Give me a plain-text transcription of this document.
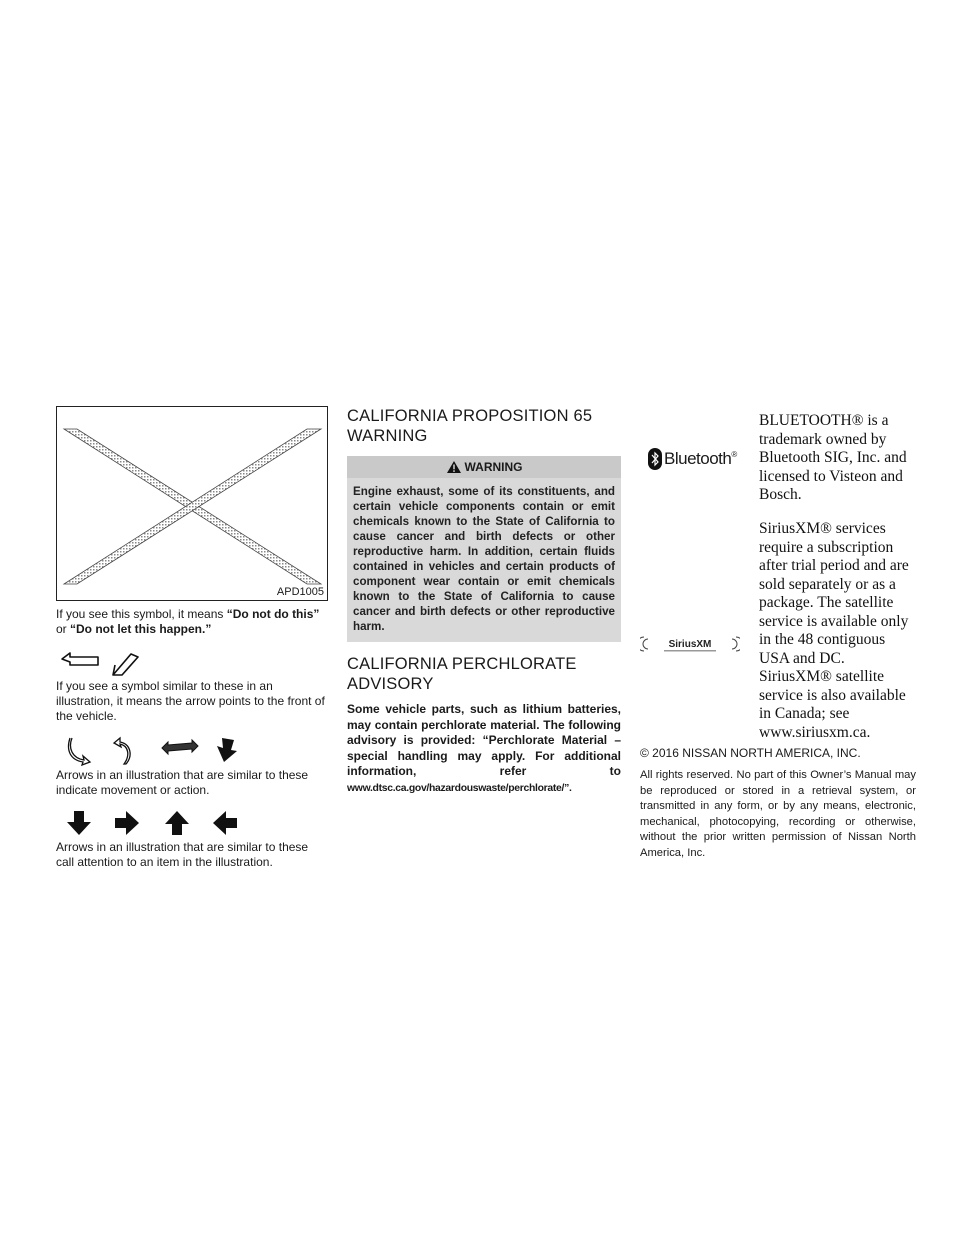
APD1005

If you see this symbol, it means “Do not do this”
or “Do not let this happen.”

If you see a symbol similar to these in an illustration, it means the arrow points to the front of the vehicle.

Arrows in an illustration that are similar to these indicate movement or action.

Arrows in an illustration that are similar to these call attention to an item in the illustration.

CALIFORNIA PROPOSITION 65 WARNING
WARNING
Engine exhaust, some of its constituents, and certain vehicle components contain or emit chemicals known to the State of California to cause cancer and birth defects or other reproductive harm. In addition, certain fluids contained in vehicles and certain products of component wear contain or emit chemicals known to the State of California to cause cancer and birth defects or other reproductive harm.
CALIFORNIA PERCHLORATE ADVISORY

Some vehicle parts, such as lithium batteries, may contain perchlorate material. The following advisory is provided: “Perchlorate Material – special handling may apply. For additional information, refer to www.dtsc.ca.gov/hazardouswaste/perchlorate/”.

Bluetooth ®
BLUETOOTH® is a trademark owned by Bluetooth SIG, Inc. and licensed to Visteon and Bosch.
SiriusXM
SiriusXM® services require a subscription after trial period and are sold separately or as a package. The satellite service is available only in the 48 contiguous USA and DC. SiriusXM® satellite service is also available in Canada; see www.siriusxm.ca.

© 2016 NISSAN NORTH AMERICA, INC.

All rights reserved. No part of this Owner’s Manual may be reproduced or stored in a retrieval system, or transmitted in any form, or by any means, electronic, mechanical, photocopying, recording or otherwise, without the prior written permission of Nissan North America, Inc.
